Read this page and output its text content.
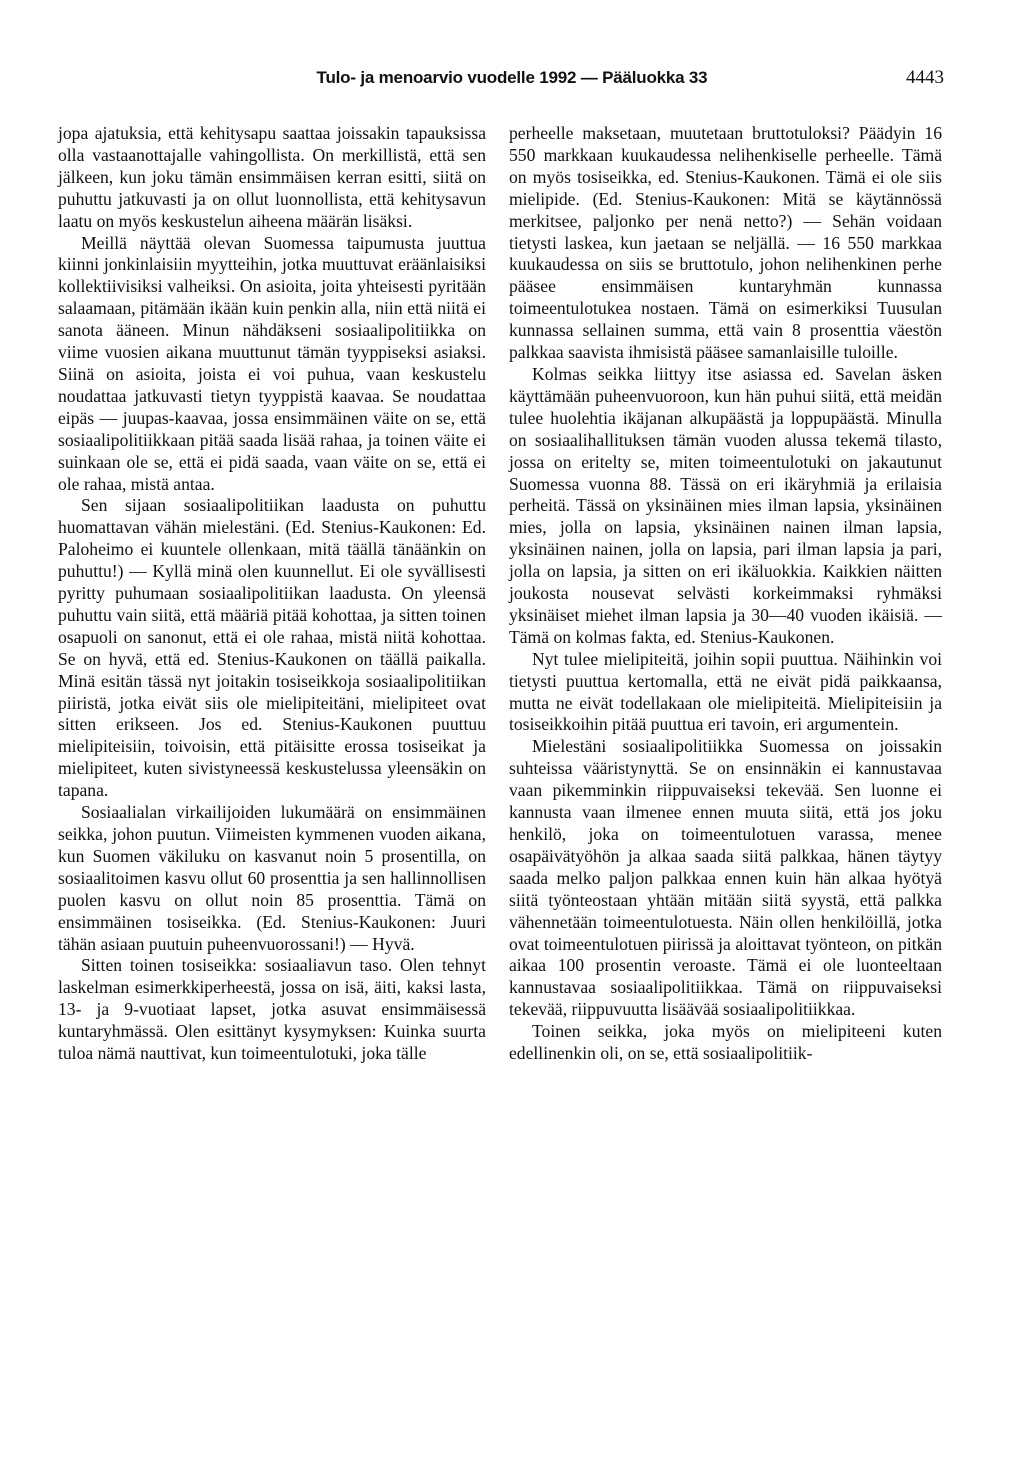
Tulo- ja menoarvio vuodelle 1992 — Pääluokka 33	4443

jopa ajatuksia, että kehitysapu saattaa joissakin tapauksissa olla vastaanottajalle vahingollista. On merkillistä, että sen jälkeen, kun joku tämän ensimmäisen kerran esitti, siitä on puhuttu jatkuvasti ja on ollut luonnollista, että kehitysavun laatu on myös keskustelun aiheena määrän lisäksi.

Meillä näyttää olevan Suomessa taipumusta juuttua kiinni jonkinlaisiin myytteihin, jotka muuttuvat eräänlaisiksi kollektiivisiksi valheiksi. On asioita, joita yhteisesti pyritään salaamaan, pitämään ikään kuin penkin alla, niin että niitä ei sanota ääneen. Minun nähdäkseni sosiaalipolitiikka on viime vuosien aikana muuttunut tämän tyyppiseksi asiaksi. Siinä on asioita, joista ei voi puhua, vaan keskustelu noudattaa jatkuvasti tietyn tyyppistä kaavaa. Se noudattaa eipäs — juupas-kaavaa, jossa ensimmäinen väite on se, että sosiaalipolitiikkaan pitää saada lisää rahaa, ja toinen väite ei suinkaan ole se, että ei pidä saada, vaan väite on se, että ei ole rahaa, mistä antaa.

Sen sijaan sosiaalipolitiikan laadusta on puhuttu huomattavan vähän mielestäni. (Ed. Stenius-Kaukonen: Ed. Paloheimo ei kuuntele ollenkaan, mitä täällä tänäänkin on puhuttu!) — Kyllä minä olen kuunnellut. Ei ole syvällisesti pyritty puhumaan sosiaalipolitiikan laadusta. On yleensä puhuttu vain siitä, että määriä pitää kohottaa, ja sitten toinen osapuoli on sanonut, että ei ole rahaa, mistä niitä kohottaa. Se on hyvä, että ed. Stenius-Kaukonen on täällä paikalla. Minä esitän tässä nyt joitakin tosiseikkoja sosiaalipolitiikan piiristä, jotka eivät siis ole mielipiteitäni, mielipiteet ovat sitten erikseen. Jos ed. Stenius-Kaukonen puuttuu mielipiteisiin, toivoisin, että pitäisitte erossa tosiseikat ja mielipiteet, kuten sivistyneessä keskustelussa yleensäkin on tapana.

Sosiaalialan virkailijoiden lukumäärä on ensimmäinen seikka, johon puutun. Viimeisten kymmenen vuoden aikana, kun Suomen väkiluku on kasvanut noin 5 prosentilla, on sosiaalitoimen kasvu ollut 60 prosenttia ja sen hallinnollisen puolen kasvu on ollut noin 85 prosenttia. Tämä on ensimmäinen tosiseikka. (Ed. Stenius-Kaukonen: Juuri tähän asiaan puutuin puheenvuorossani!) — Hyvä.

Sitten toinen tosiseikka: sosiaaliavun taso. Olen tehnyt laskelman esimerkkiperheestä, jossa on isä, äiti, kaksi lasta, 13- ja 9-vuotiaat lapset, jotka asuvat ensimmäisessä kuntaryhmässä. Olen esittänyt kysymyksen: Kuinka suurta tuloa nämä nauttivat, kun toimeentulotuki, joka tälle

perheelle maksetaan, muutetaan bruttotuloksi? Päädyin 16 550 markkaan kuukaudessa nelihenkiselle perheelle. Tämä on myös tosiseikka, ed. Stenius-Kaukonen. Tämä ei ole siis mielipide. (Ed. Stenius-Kaukonen: Mitä se käytännössä merkitsee, paljonko per nenä netto?) — Sehän voidaan tietysti laskea, kun jaetaan se neljällä. — 16 550 markkaa kuukaudessa on siis se bruttotulo, johon nelihenkinen perhe pääsee ensimmäisen kuntaryhmän kunnassa toimeentulotukea nostaen. Tämä on esimerkiksi Tuusulan kunnassa sellainen summa, että vain 8 prosenttia väestön palkkaa saavista ihmisistä pääsee samanlaisille tuloille.

Kolmas seikka liittyy itse asiassa ed. Savelan äsken käyttämään puheenvuoroon, kun hän puhui siitä, että meidän tulee huolehtia ikäjanan alkupäästä ja loppupäästä. Minulla on sosiaalihallituksen tämän vuoden alussa tekemä tilasto, jossa on eritelty se, miten toimeentulotuki on jakautunut Suomessa vuonna 88. Tässä on eri ikäryhmiä ja erilaisia perheitä. Tässä on yksinäinen mies ilman lapsia, yksinäinen mies, jolla on lapsia, yksinäinen nainen ilman lapsia, yksinäinen nainen, jolla on lapsia, pari ilman lapsia ja pari, jolla on lapsia, ja sitten on eri ikäluokkia. Kaikkien näitten joukosta nousevat selvästi korkeimmaksi ryhmäksi yksinäiset miehet ilman lapsia ja 30—40 vuoden ikäisiä. — Tämä on kolmas fakta, ed. Stenius-Kaukonen.

Nyt tulee mielipiteitä, joihin sopii puuttua. Näihinkin voi tietysti puuttua kertomalla, että ne eivät pidä paikkaansa, mutta ne eivät todellakaan ole mielipiteitä. Mielipiteisiin ja tosiseikkoihin pitää puuttua eri tavoin, eri argumentein.

Mielestäni sosiaalipolitiikka Suomessa on joissakin suhteissa vääristynyttä. Se on ensinnäkin ei kannustavaa vaan pikemminkin riippuvaiseksi tekevää. Sen luonne ei kannusta vaan ilmenee ennen muuta siitä, että jos joku henkilö, joka on toimeentulotuen varassa, menee osapäivätyöhön ja alkaa saada siitä palkkaa, hänen täytyy saada melko paljon palkkaa ennen kuin hän alkaa hyötyä siitä työnteostaan yhtään mitään siitä syystä, että palkka vähennetään toimeentulotuesta. Näin ollen henkilöillä, jotka ovat toimeentulotuen piirissä ja aloittavat työnteon, on pitkän aikaa 100 prosentin veroaste. Tämä ei ole luonteeltaan kannustavaa sosiaalipolitiikkaa. Tämä on riippuvaiseksi tekevää, riippuvuutta lisäävää sosiaalipolitiikkaa.

Toinen seikka, joka myös on mielipiteeni kuten edellinenkin oli, on se, että sosiaalipolitiik-
